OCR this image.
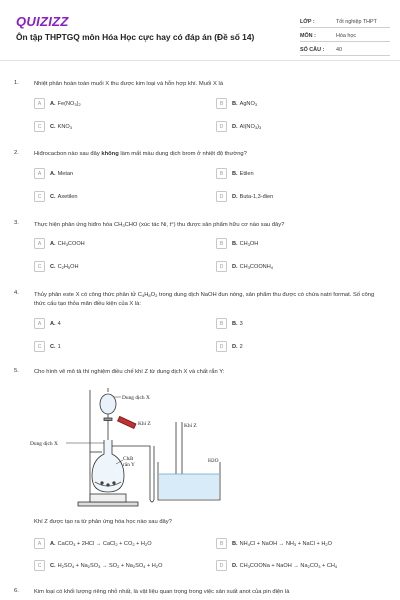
QUIZIZZ
Ôn tập THPTGQ môn Hóa Học cực hay có đáp án (Đề số 14)
LỚP :	Tốt nghiệp THPT
MÔN :	Hóa học
SỐ CÂU :	40
1.	Nhiệt phân hoàn toàn muối X thu được kim loại và hỗn hợp khí. Muối X là
A	A. Fe(NO3)2	B	B. AgNO3
C	C. KNO3	D	D. Al(NO3)3
2.	Hiđrocacbon nào sau đây không làm mất màu dung dịch brom ở nhiệt độ thường?
A	A. Metan	B	B. Etilen
C	C. Axetilen	D	D. Buta-1,3-đien
3.	Thực hiện phản ứng hiđro hóa CH3CHO (xúc tác Ni, t°) thu được sản phẩm hữu cơ nào sau đây?
A	A. CH3COOH	B	B. CH3OH
C	C. C2H5OH	D	D. CH3COONH4
4.	Thủy phân este X có công thức phân tử C4H8O2 trong dung dịch NaOH đun nóng, sản phẩm thu được có chứa natri format. Số công thức cấu tạo thỏa mãn điều kiện của X là:
A	A. 4	B	B. 3
C	C. 1	D	D. 2
5.	Cho hình vẽ mô tả thí nghiệm điều chế khí Z từ dung dịch X và chất rắn Y:
Dung dịch X
Dung dịch X
Khí Z	Khí Z
Chất
rắn Y
H2O
Khí Z được tạo ra từ phản ứng hóa học nào sau đây?
A	A. CaCO3 + 2HCl → CaCl2 + CO2 + H2O	B	B. NH4Cl + NaOH → NH3 + NaCl + H2O
C	C. H2SO4 + Na2SO3 → SO2 + Na2SO4 + H2O	D	D. CH3COONa + NaOH → Na2CO3 + CH4
6.	Kim loại có khối lượng riêng nhỏ nhất, là vật liệu quan trọng trong việc sản xuất anot của pin điện là
